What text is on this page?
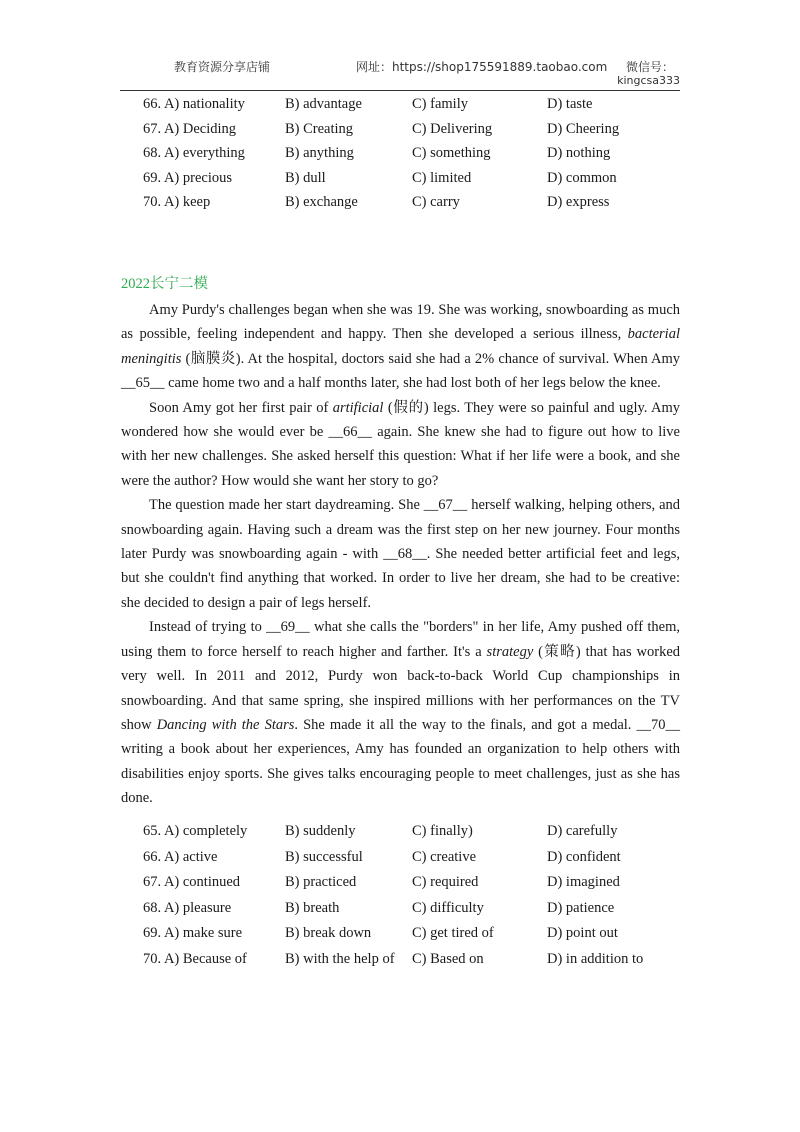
教育资源分享店铺	网址：https://shop175591889.taobao.com 微信号：
kingcsa333
66. A) nationality	B) advantage	C) family	D) taste
67. A) Deciding	B) Creating	C) Delivering	D) Cheering
68. A) everything	B) anything	C) something	D) nothing
69. A) precious	B) dull	C) limited	D) common
70. A) keep	B) exchange	C) carry	D) express
2022长宁二模

Amy Purdy's challenges began when she was 19. She was working, snowboarding as much as possible, feeling independent and happy. Then she developed a serious illness, bacterial meningitis (脑膜炎). At the hospital, doctors said she had a 2% chance of survival. When Amy __65__ came home two and a half months later, she had lost both of her legs below the knee.

Soon Amy got her first pair of artificial (假的) legs. They were so painful and ugly. Amy wondered how she would ever be __66__ again. She knew she had to figure out how to live with her new challenges. She asked herself this question: What if her life were a book, and she were the author? How would she want her story to go?

The question made her start daydreaming. She __67__ herself walking, helping others, and snowboarding again. Having such a dream was the first step on her new journey. Four months later Purdy was snowboarding again - with __68__. She needed better artificial feet and legs, but she couldn't find anything that worked. In order to live her dream, she had to be creative: she decided to design a pair of legs herself.

Instead of trying to __69__ what she calls the "borders" in her life, Amy pushed off them, using them to force herself to reach higher and farther. It's a strategy (策略) that has worked very well. In 2011 and 2012, Purdy won back-to-back World Cup championships in snowboarding. And that same spring, she inspired millions with her performances on the TV show Dancing with the Stars. She made it all the way to the finals, and got a medal. __70__ writing a book about her experiences, Amy has founded an organization to help others with disabilities enjoy sports. She gives talks encouraging people to meet challenges, just as she has done.

65. A) completely	B) suddenly	C) finally)	D) carefully
66. A) active	B) successful	C) creative	D) confident
67. A) continued	B) practiced	C) required	D) imagined
68. A) pleasure	B) breath	C) difficulty	D) patience
69. A) make sure	B) break down	C) get tired of	D) point out
70. A) Because of	B) with the help of C) Based on	D) in addition to
